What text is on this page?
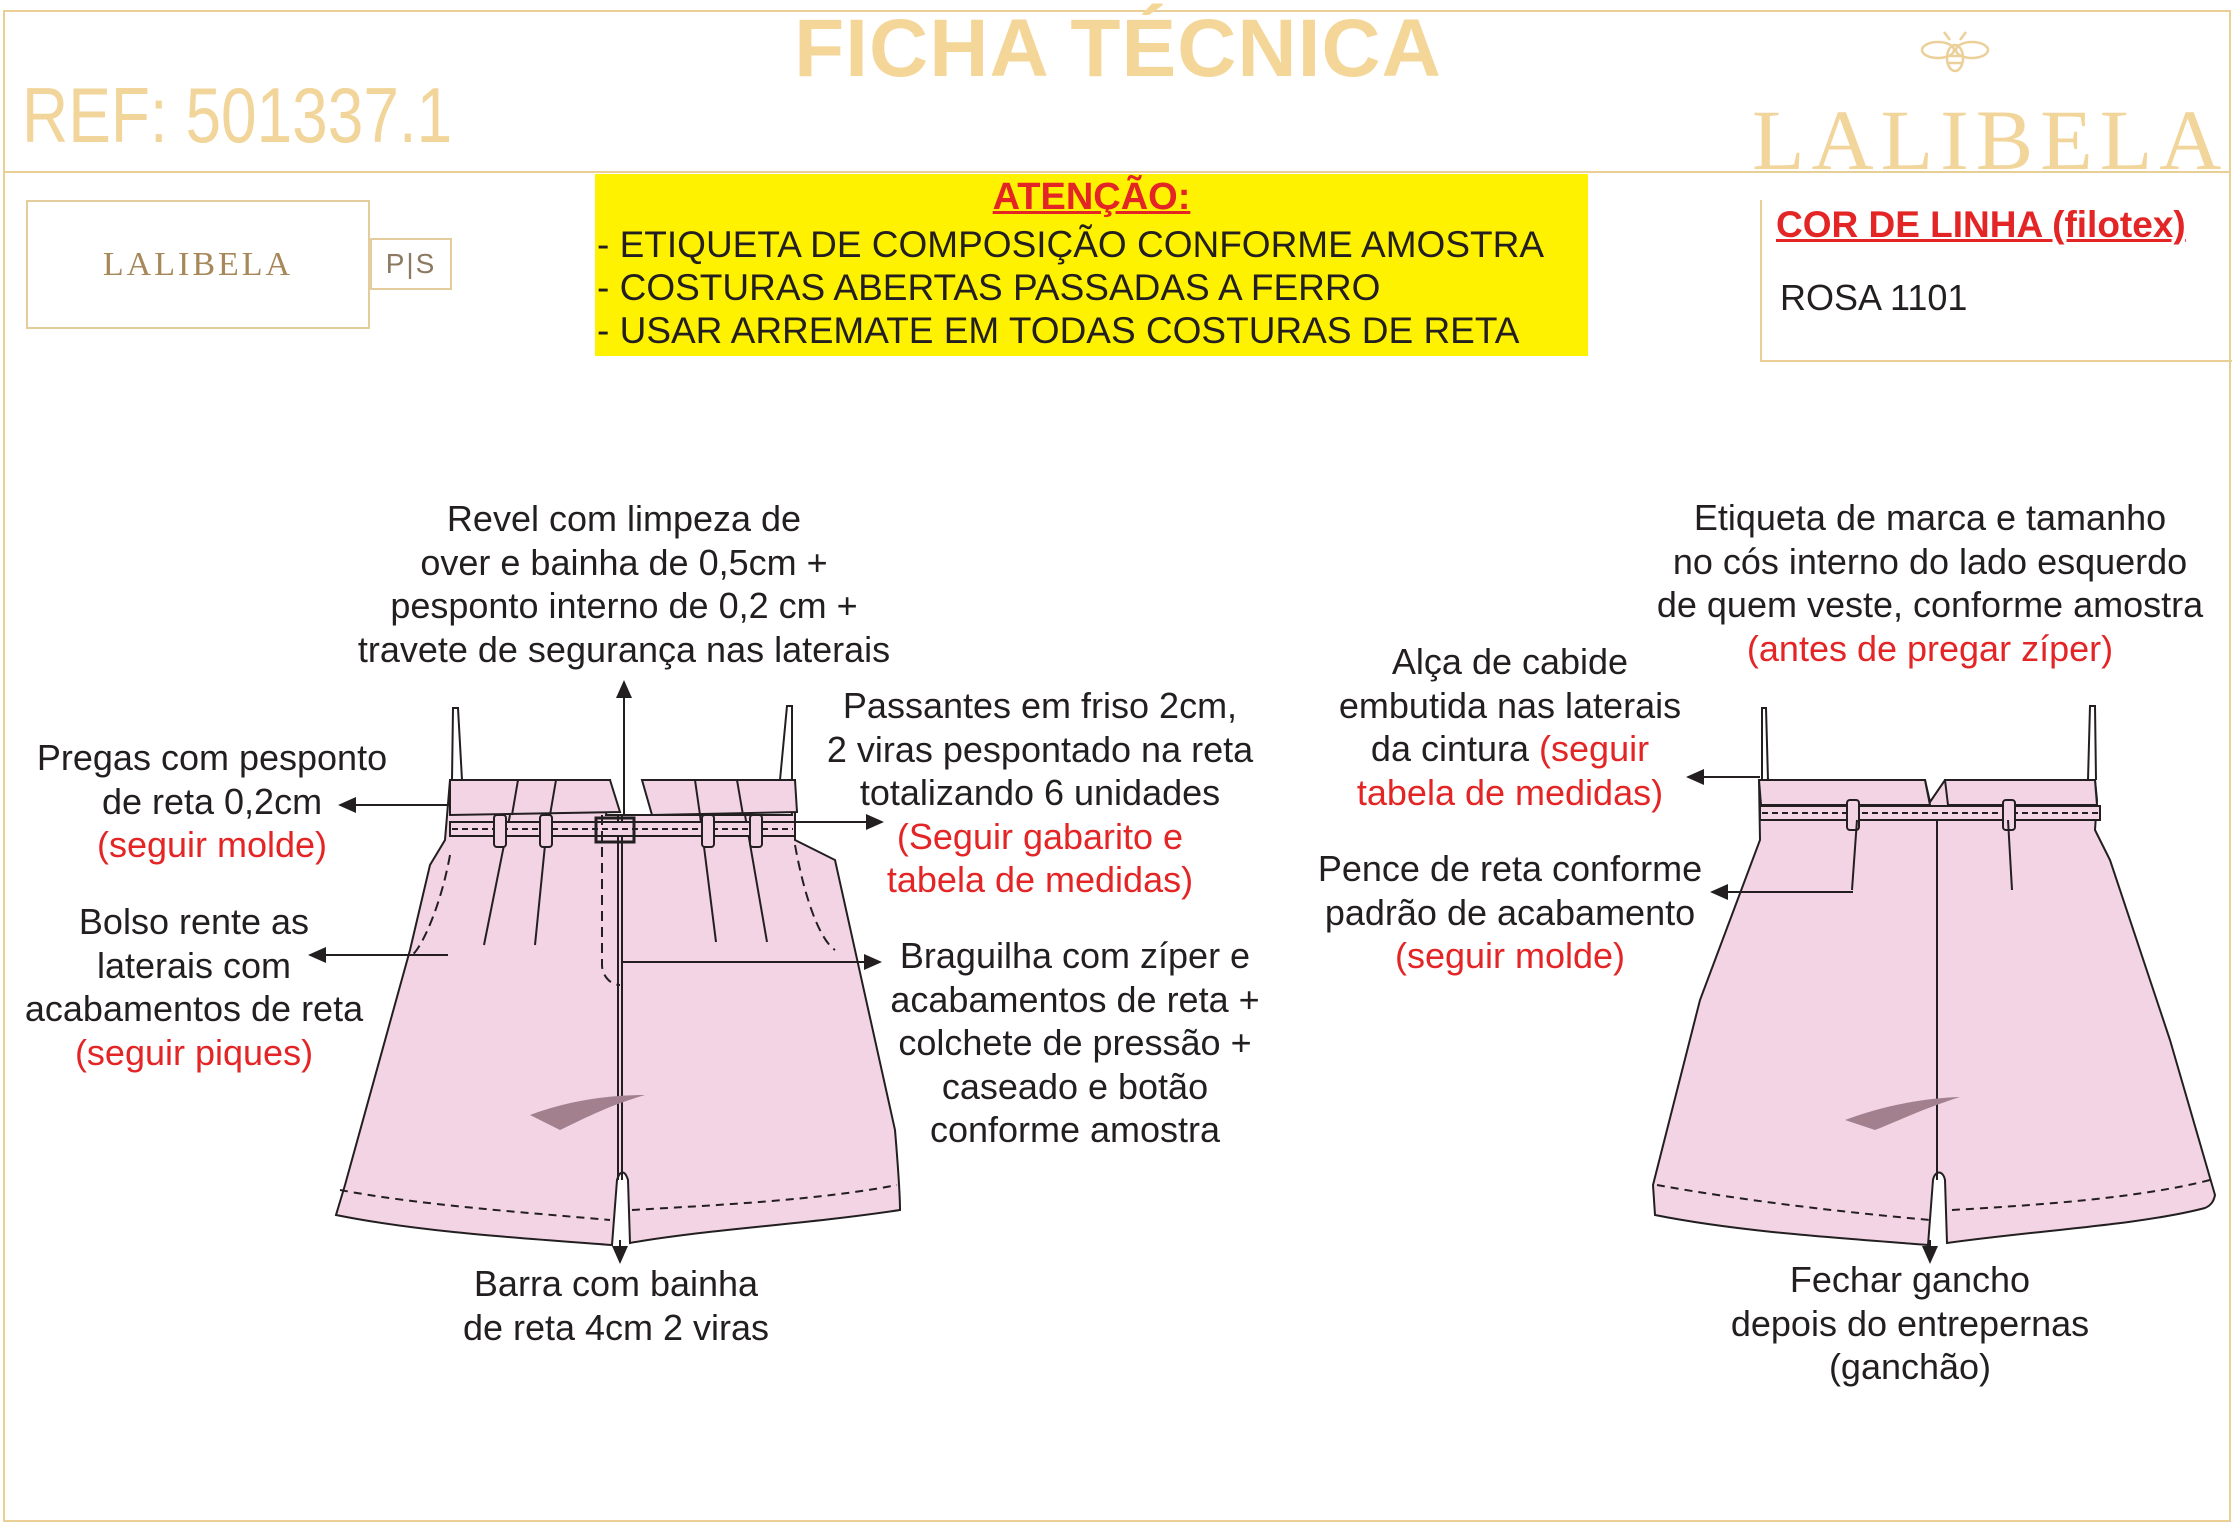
FICHA TÉCNICA
REF: 501337.1	LALIBELA
LALIBELA	P|S
ATENÇÃO:
- ETIQUETA DE COMPOSIÇÃO CONFORME AMOSTRA
- COSTURAS ABERTAS PASSADAS A FERRO
- USAR ARREMATE EM TODAS COSTURAS DE RETA
COR DE LINHA (filotex)
ROSA 1101
Revel com limpeza de
over e bainha de 0,5cm +
pesponto interno de 0,2 cm +
travete de segurança nas laterais
Pregas com pesponto
de reta 0,2cm
(seguir molde)
Bolso rente as
laterais com
acabamentos de reta
(seguir piques)
Passantes em friso 2cm,
2 viras pespontado na reta
totalizando 6 unidades
(Seguir gabarito e
tabela de medidas)
Braguilha com zíper e
acabamentos de reta +
colchete de pressão +
caseado e botão
conforme amostra
Barra com bainha
de reta 4cm 2 viras
Etiqueta de marca e tamanho
no cós interno do lado esquerdo
de quem veste, conforme amostra
(antes de pregar zíper)
Alça de cabide
embutida nas laterais
da cintura (seguir
tabela de medidas)
Pence de reta conforme
padrão de acabamento
(seguir molde)
Fechar gancho
depois do entrepernas
(ganchão)
